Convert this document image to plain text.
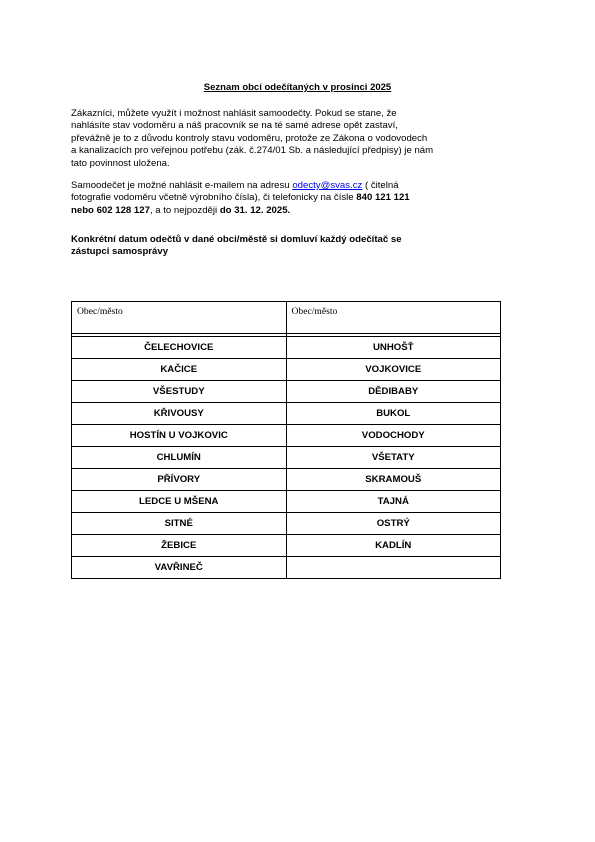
Seznam obcí odečítaných v prosinci 2025
Zákazníci, můžete využít i možnost nahlásit samoodečty. Pokud se stane, že
nahlásíte stav vodoměru a náš pracovník se na té samé adrese opět zastaví,
převážně je to z důvodu kontroly stavu vodoměru, protože ze Zákona o vodovodech
a kanalizacích pro veřejnou potřebu (zák. č.274/01 Sb. a následující předpisy) je nám
tato povinnost uložena.
Samoodečet je možné nahlásit e-mailem na adresu odecty@svas.cz ( čitelná
fotografie vodoměru včetně výrobního čísla), či telefonicky na čísle 840 121 121
nebo 602 128 127, a to nejpozději do 31. 12. 2025.
Konkrétní datum odečtů v dané obci/městě si domluví každý odečítač se
zástupci samosprávy
Obec/město	Obec/město

ČELECHOVICE	UNHOŠŤ
KAČICE	VOJKOVICE
VŠESTUDY	DĚDIBABY
KŘIVOUSY	BUKOL
HOSTÍN U VOJKOVIC	VODOCHODY
CHLUMÍN	VŠETATY
PŘÍVORY	SKRAMOUŠ
LEDCE U MŠENA	TAJNÁ
SITNÉ	OSTRÝ
ŽEBICE	KADLÍN
VAVŘINEČ	
